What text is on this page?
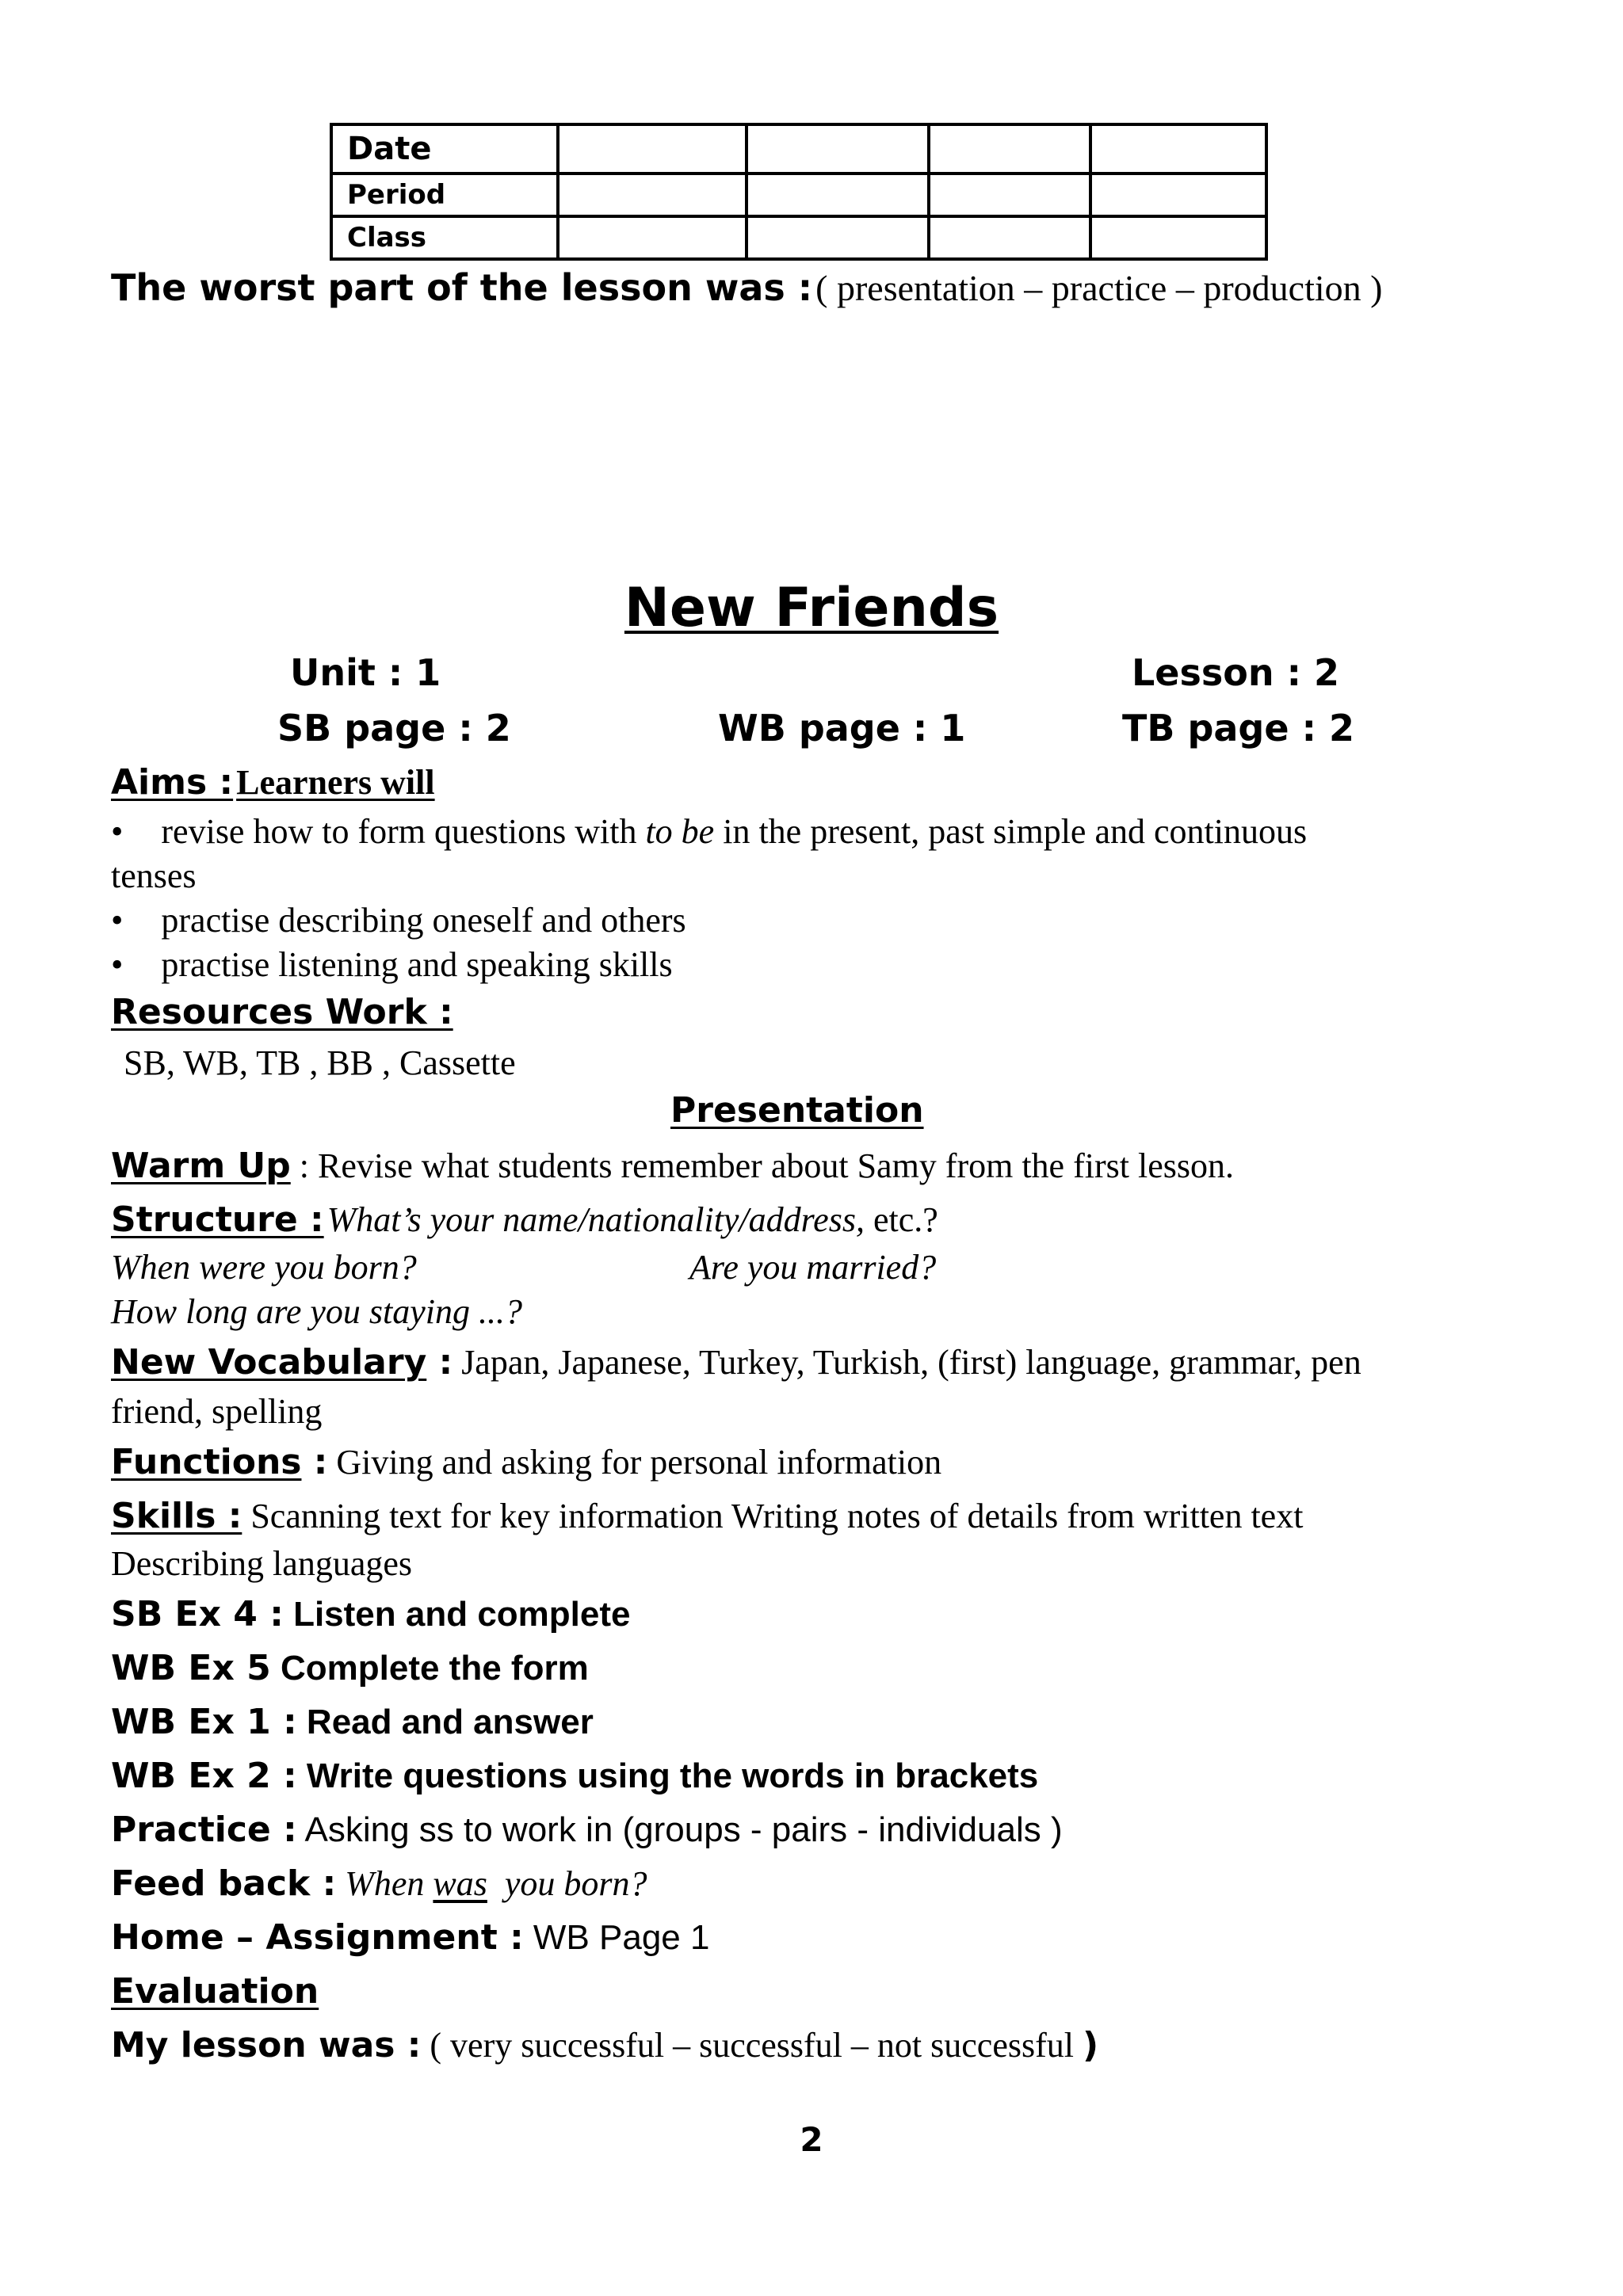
Date				
Period				
Class				
The worst part of the lesson was : ( presentation – practice – production )
New Friends
Unit : 1	Lesson : 2
SB page : 2	WB page : 1	TB page : 2
Aims : Learners will
• revise how to form questions with to be in the present, past simple and continuous
tenses
• practise describing oneself and others
• practise listening and speaking skills
Resources Work :
SB, WB, TB , BB , Cassette
Presentation
Warm Up : Revise what students remember about Samy from the first lesson.
Structure : What’s your name/nationality/address, etc.?
When were you born?	Are you married?
How long are you staying ...?
New Vocabulary : Japan, Japanese, Turkey, Turkish, (first) language, grammar, pen
friend, spelling
Functions : Giving and asking for personal information
Skills : Scanning text for key information Writing notes of details from written text
Describing languages
SB Ex 4 : Listen and complete
WB Ex 5 Complete the form
WB Ex 1 : Read and answer
WB Ex 2 : Write questions using the words in brackets
Practice : Asking ss to work in (groups - pairs - individuals )
Feed back : When was  you born?
Home – Assignment : WB Page 1
Evaluation
My lesson was : ( very successful – successful – not successful )
2
